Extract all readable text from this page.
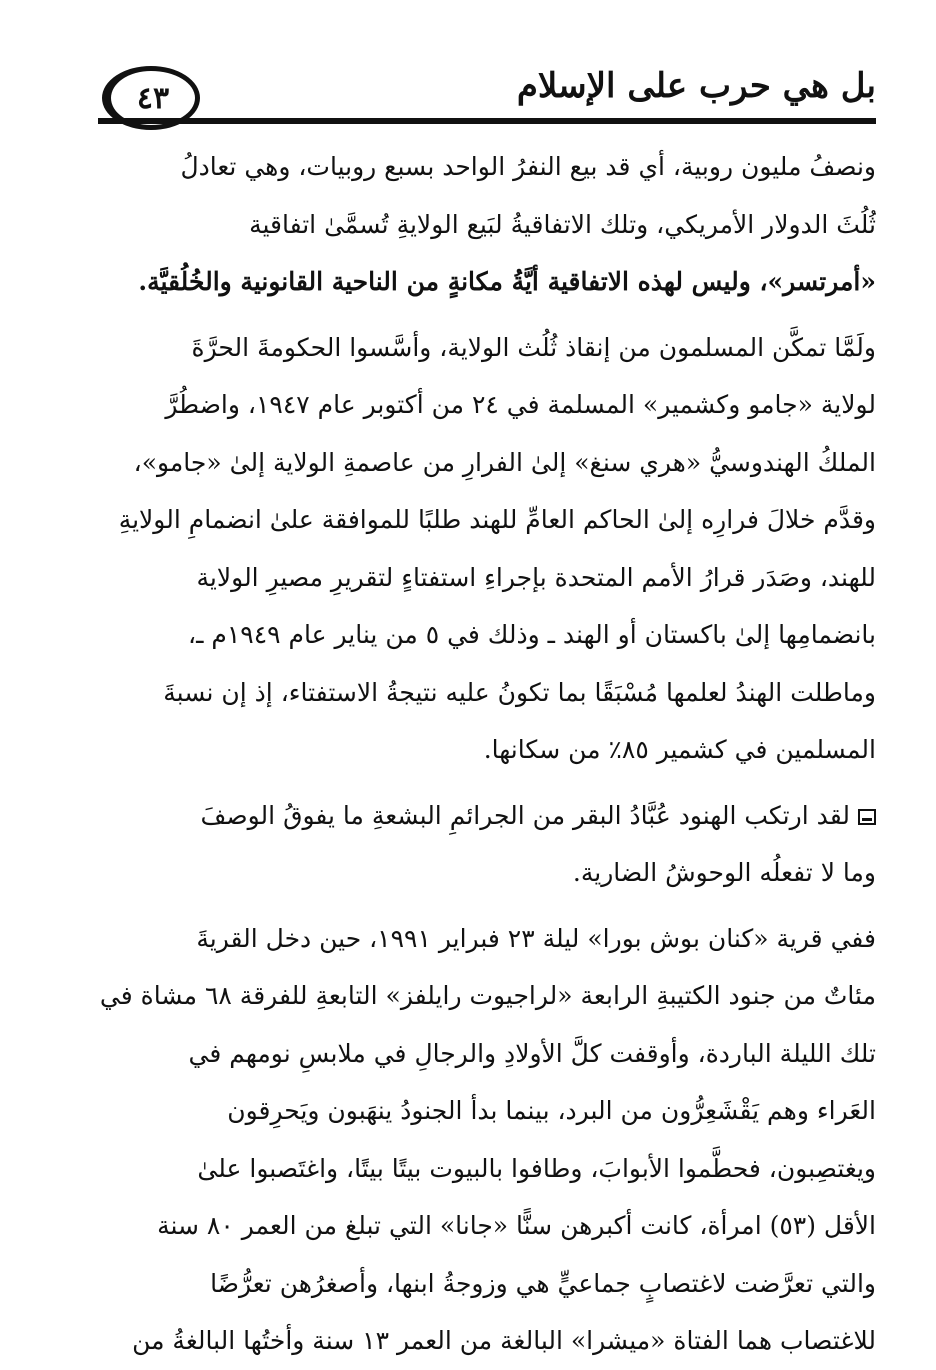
بل هي حرب على الإسلام
٤٣
ونصفُ مليون روبية، أي قد بيع النفرُ الواحد بسبع روبيات، وهي تعادلُ
ثُلُثَ الدولار الأمريكي، وتلك الاتفاقيةُ لبَيع الولايةِ تُسمَّىٰ اتفاقية
«أمرتسر»، وليس لهذه الاتفاقية أيَّةُ مكانةٍ من الناحية القانونية والخُلُقيَّة.
ولَمَّا تمكَّن المسلمون من إنقاذ ثُلُث الولاية، وأسَّسوا الحكومةَ الحرَّةَ
لولاية «جامو وكشمير» المسلمة في ٢٤ من أكتوبر عام ١٩٤٧، واضطُرَّ
الملكُ الهندوسيُّ «هري سنغ» إلىٰ الفرارِ من عاصمةِ الولاية إلىٰ «جامو»،
وقدَّم خلالَ فرارِه إلىٰ الحاكم العامِّ للهند طلبًا للموافقة علىٰ انضمامِ الولايةِ
للهند، وصَدَر قرارُ الأمم المتحدة بإجراءِ استفتاءٍ لتقريرِ مصيرِ الولاية
بانضمامِها إلىٰ باكستان أو الهند ـ وذلك في ٥ من يناير عام ١٩٤٩م ـ،
وماطلت الهندُ لعلمها مُسْبَقًا بما تكونُ عليه نتيجةُ الاستفتاء، إذ إن نسبةَ
المسلمين في كشمير ٨٥٪ من سكانها.
لقد ارتكب الهنود عُبَّادُ البقر من الجرائمِ البشعةِ ما يفوقُ الوصفَ
وما لا تفعلُه الوحوشُ الضارية.
ففي قرية «كنان بوش بورا» ليلة ٢٣ فبراير ١٩٩١، حين دخل القريةَ
مئاتٌ من جنود الكتيبةِ الرابعة «لراجيوت رايلفز» التابعةِ للفرقة ٦٨ مشاة في
تلك الليلة الباردة، وأوقفت كلَّ الأولادِ والرجالِ في ملابسِ نومهم في
العَراء وهم يَقْشَعِرُّون من البرد، بينما بدأ الجنودُ ينهَبون ويَحرِقون
ويغتصِبون، فحطَّموا الأبوابَ، وطافوا بالبيوت بيتًا بيتًا، واغتَصبوا علىٰ
الأقل (٥٣) امرأة، كانت أكبرهن سنًّا «جانا» التي تبلغ من العمر ٨٠ سنة
والتي تعرَّضت لاغتصابٍ جماعيٍّ هي وزوجةُ ابنها، وأصغرُهن تعرُّضًا
للاغتصاب هما الفتاة «ميشرا» البالغة من العمر ١٣ سنة وأختُها البالغةُ من
